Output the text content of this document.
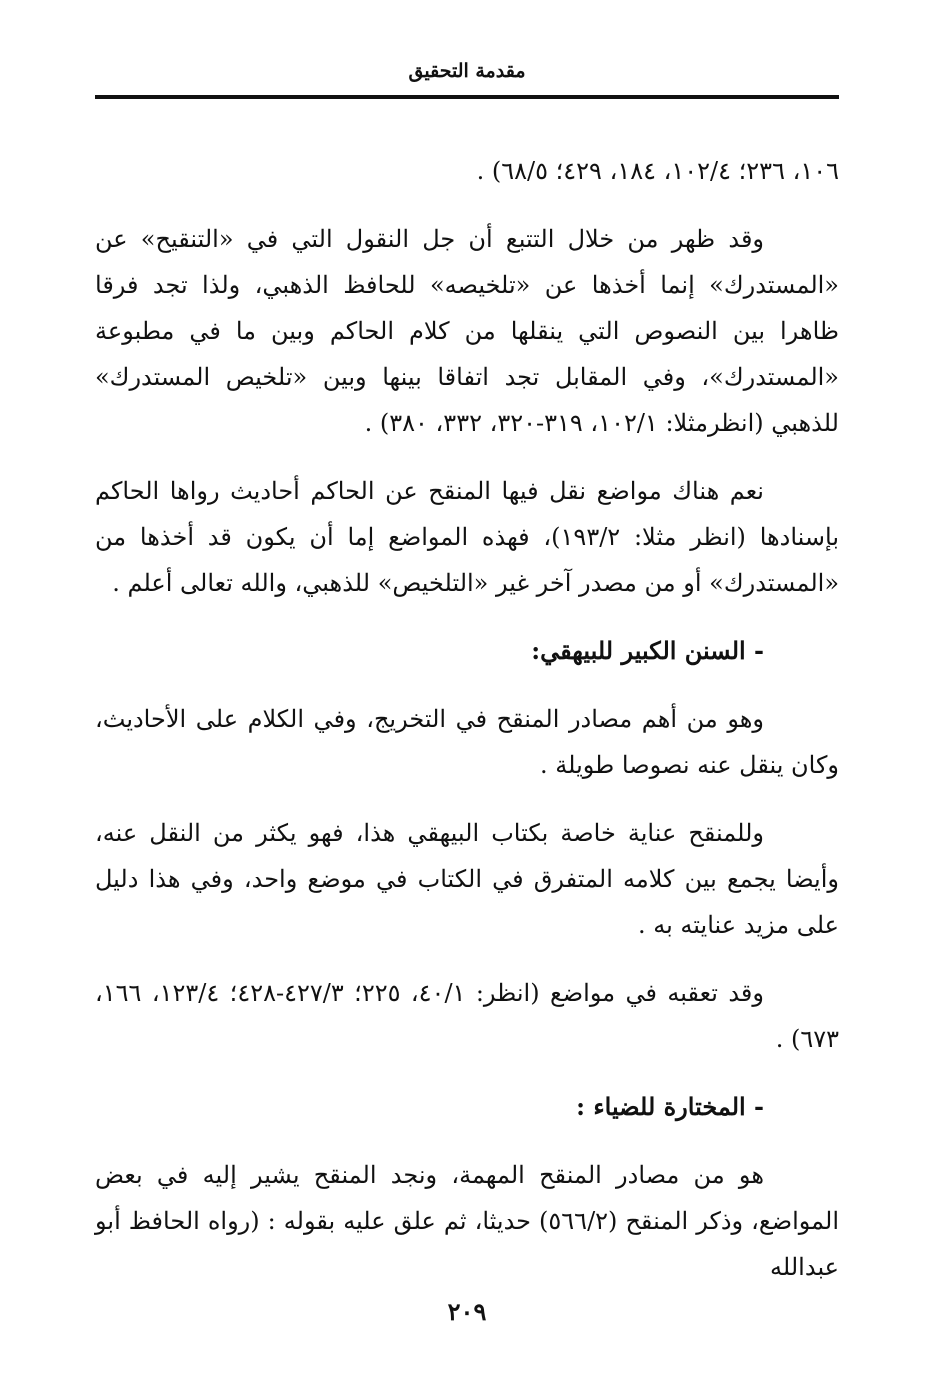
مقدمة التحقيق

١٠٦، ٢٣٦؛ ١٠٢/٤، ١٨٤، ٤٢٩؛ ٦٨/٥) .

وقد ظهر من خلال التتبع أن جل النقول التي في «التنقيح» عن «المستدرك» إنما أخذها عن «تلخيصه» للحافظ الذهبي، ولذا تجد فرقا ظاهرا بين النصوص التي ينقلها من كلام الحاكم وبين ما في مطبوعة «المستدرك»، وفي المقابل تجد اتفاقا بينها وبين «تلخيص المستدرك» للذهبي (انظرمثلا: ١٠٢/١، ٣١٩-٣٢٠، ٣٣٢، ٣٨٠) .

نعم هناك مواضع نقل فيها المنقح عن الحاكم أحاديث رواها الحاكم بإسنادها (انظر مثلا: ١٩٣/٢)، فهذه المواضع إما أن يكون قد أخذها من «المستدرك» أو من مصدر آخر غير «التلخيص» للذهبي، والله تعالى أعلم .

- السنن الكبير للبيهقي:

وهو من أهم مصادر المنقح في التخريج، وفي الكلام على الأحاديث، وكان ينقل عنه نصوصا طويلة .

وللمنقح عناية خاصة بكتاب البيهقي هذا، فهو يكثر من النقل عنه، وأيضا يجمع بين كلامه المتفرق في الكتاب في موضع واحد، وفي هذا دليل على مزيد عنايته به .

وقد تعقبه في مواضع (انظر: ٤٠/١، ٢٢٥؛ ٤٢٧/٣-٤٢٨؛ ١٢٣/٤، ١٦٦، ٦٧٣) .

- المختارة للضياء :

هو من مصادر المنقح المهمة، ونجد المنقح يشير إليه في بعض المواضع، وذكر المنقح (٥٦٦/٢) حديثا، ثم علق عليه بقوله : (رواه الحافظ أبو عبدالله

٢٠٩
